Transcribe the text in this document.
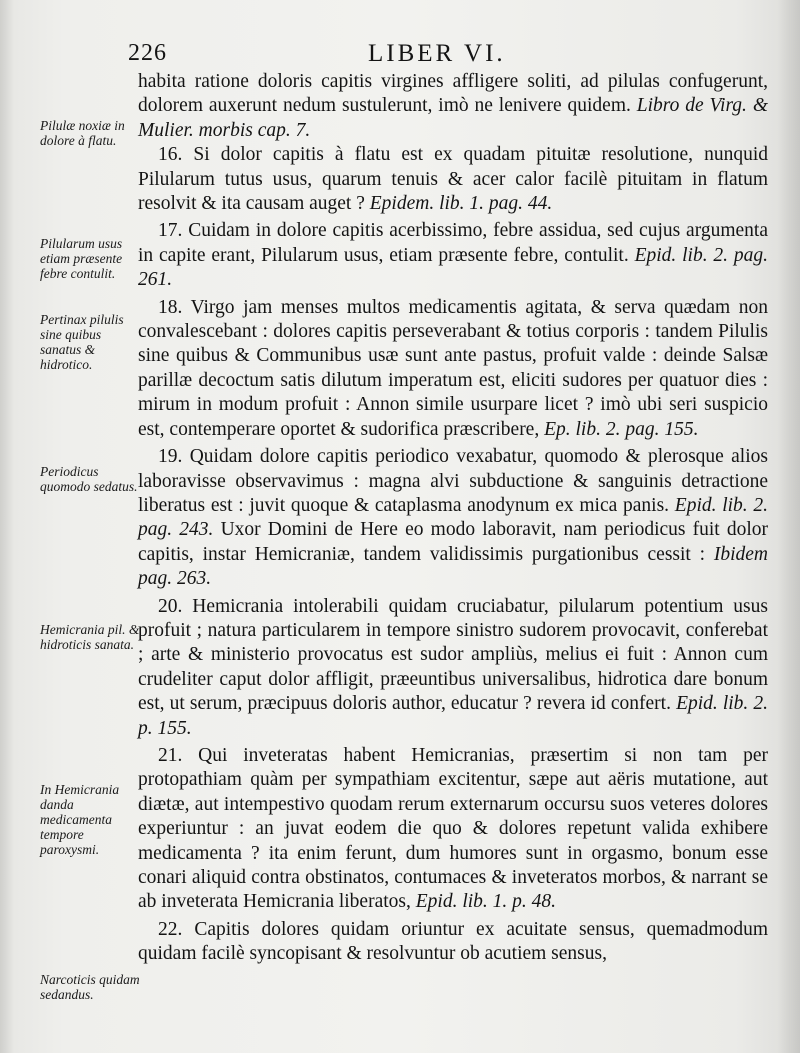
226	LIBER VI.
Pilulæ noxiæ in dolore à flatu.
Pilularum usus etiam præsente febre contulit.
Pertinax pilulis sine quibus sanatus & hidrotico.
Periodicus quomodo sedatus.
Hemicrania pil. & hidroticis sanata.
In Hemicrania danda medicamenta tempore paroxysmi.
Narcoticis quidam sedandus.

habita ratione doloris capitis virgines affligere soliti, ad pilulas confugerunt, dolorem auxerunt nedum sustulerunt, imò ne lenivere quidem. Libro de Virg. & Mulier. morbis cap. 7.

16. Si dolor capitis à flatu est ex quadam pituitæ resolutione, nunquid Pilularum tutus usus, quarum tenuis & acer calor facilè pituitam in flatum resolvit & ita causam auget ? Epidem. lib. 1. pag. 44.

17. Cuidam in dolore capitis acerbissimo, febre assidua, sed cujus argumenta in capite erant, Pilularum usus, etiam præsente febre, contulit. Epid. lib. 2. pag. 261.

18. Virgo jam menses multos medicamentis agitata, & serva quædam non convalescebant : dolores capitis perseverabant & totius corporis : tandem Pilulis sine quibus & Communibus usæ sunt ante pastus, profuit valde : deinde Salsæ parillæ decoctum satis dilutum imperatum est, eliciti sudores per quatuor dies : mirum in modum profuit : Annon simile usurpare licet ? imò ubi seri suspicio est, contemperare oportet & sudorifica præscribere, Ep. lib. 2. pag. 155.

19. Quidam dolore capitis periodico vexabatur, quomodo & plerosque alios laboravisse observavimus : magna alvi subductione & sanguinis detractione liberatus est : juvit quoque & cataplasma anodynum ex mica panis. Epid. lib. 2. pag. 243. Uxor Domini de Here eo modo laboravit, nam periodicus fuit dolor capitis, instar Hemicraniæ, tandem validissimis purgationibus cessit : Ibidem pag. 263.

20. Hemicrania intolerabili quidam cruciabatur, pilularum potentium usus profuit ; natura particularem in tempore sinistro sudorem provocavit, conferebat ; arte & ministerio provocatus est sudor ampliùs, melius ei fuit : Annon cum crudeliter caput dolor affligit, præeuntibus universalibus, hidrotica dare bonum est, ut serum, præcipuus doloris author, educatur ? revera id confert. Epid. lib. 2. p. 155.

21. Qui inveteratas habent Hemicranias, præsertim si non tam per protopathiam quàm per sympathiam excitentur, sæpe aut aëris mutatione, aut diætæ, aut intempestivo quodam rerum externarum occursu suos veteres dolores experiuntur : an juvat eodem die quo & dolores repetunt valida exhibere medicamenta ? ita enim ferunt, dum humores sunt in orgasmo, bonum esse conari aliquid contra obstinatos, contumaces & inveteratos morbos, & narrant se ab inveterata Hemicrania liberatos, Epid. lib. 1. p. 48.

22. Capitis dolores quidam oriuntur ex acuitate sensus, quemadmodum quidam facilè syncopisant & resolvuntur ob acutiem sensus,
